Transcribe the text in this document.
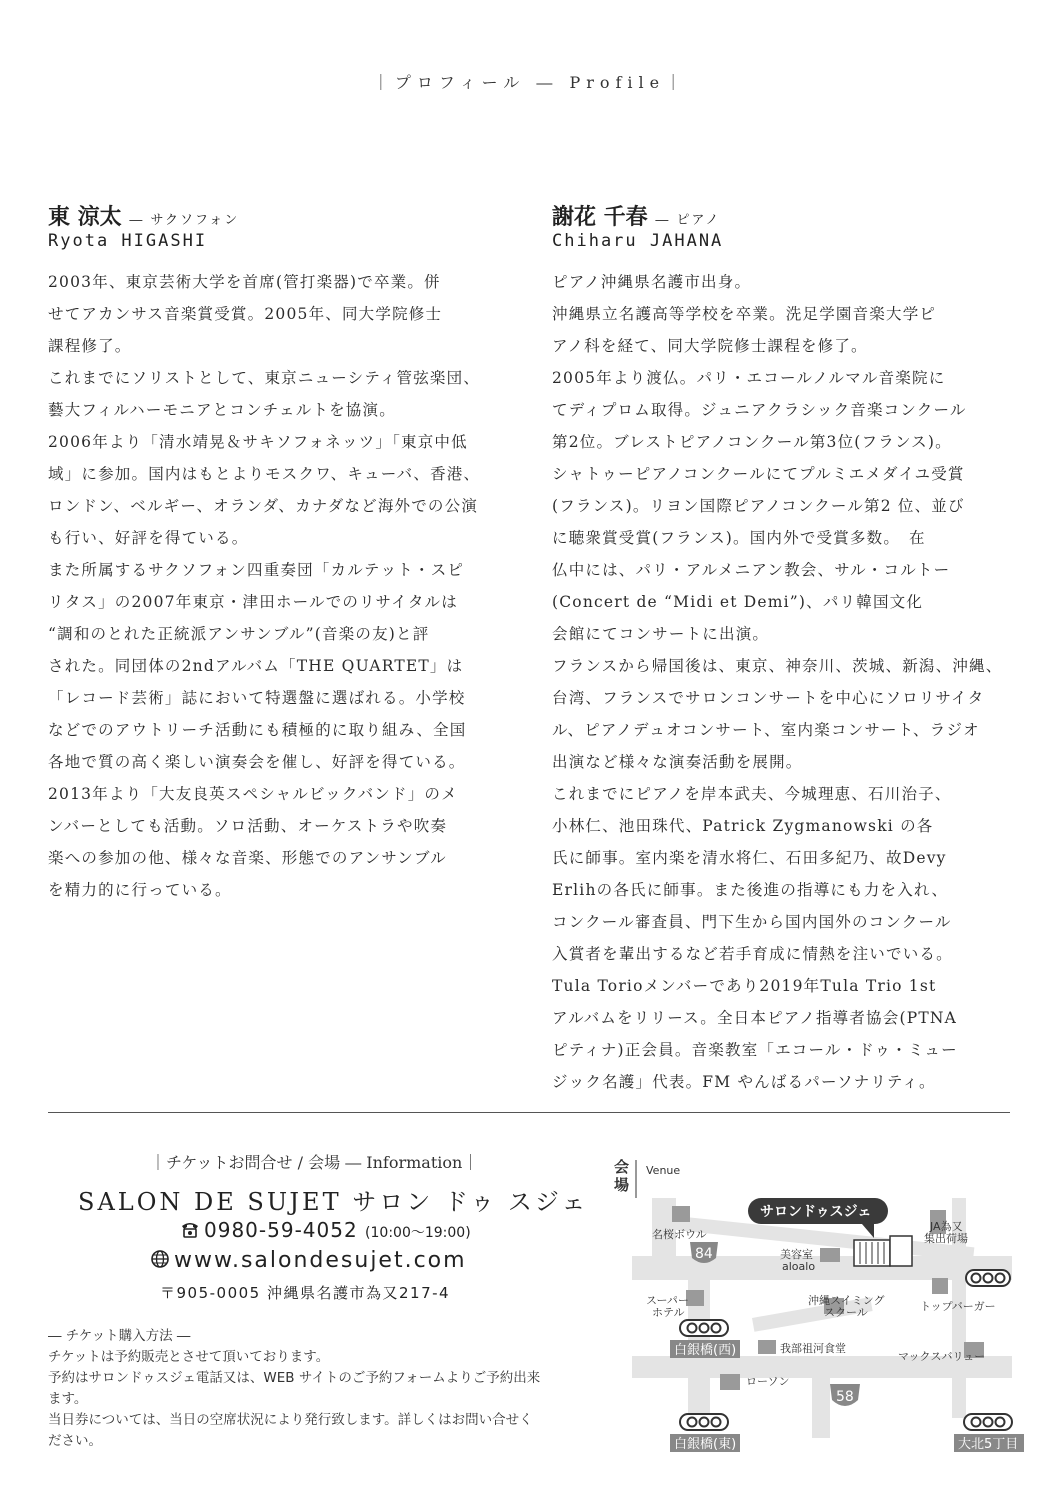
｜プロフィール ― Profile｜
東 涼太 ― サクソフォン
Ryota HIGASHI

2003年、東京芸術大学を首席(管打楽器)で卒業。併

せてアカンサス音楽賞受賞。2005年、同大学院修士

課程修了。

これまでにソリストとして、東京ニューシティ管弦楽団、

藝大フィルハーモニアとコンチェルトを協演。

2006年より「清水靖晃＆サキソフォネッツ」「東京中低

域」に参加。国内はもとよりモスクワ、キューバ、香港、

ロンドン、ベルギー、オランダ、カナダなど海外での公演

も行い、好評を得ている。

また所属するサクソフォン四重奏団「カルテット・スピ

リタス」の2007年東京・津田ホールでのリサイタルは

“調和のとれた正統派アンサンブル”(音楽の友)と評

された。同団体の2ndアルバム「THE QUARTET」は

「レコード芸術」誌において特選盤に選ばれる。小学校

などでのアウトリーチ活動にも積極的に取り組み、全国

各地で質の高く楽しい演奏会を催し、好評を得ている。

2013年より「大友良英スペシャルビックバンド」のメ

ンバーとしても活動。ソロ活動、オーケストラや吹奏

楽への参加の他、様々な音楽、形態でのアンサンブル

を精力的に行っている。

謝花 千春 ― ピアノ
Chiharu JAHANA

ピアノ沖縄県名護市出身。

沖縄県立名護高等学校を卒業。洗足学園音楽大学ピ

アノ科を経て、同大学院修士課程を修了。

2005年より渡仏。パリ・エコールノルマル音楽院に

てディプロム取得。ジュニアクラシック音楽コンクール

第2位。ブレストピアノコンクール第3位(フランス)。

シャトゥーピアノコンクールにてプルミエメダイユ受賞

(フランス)。リヨン国際ピアノコンクール第2 位、並び

に聴衆賞受賞(フランス)。国内外で受賞多数。　在

仏中には、パリ・アルメニアン教会、サル・コルトー

(Concert de “Midi et Demi”)、パリ韓国文化

会館にてコンサートに出演。

フランスから帰国後は、東京、神奈川、茨城、新潟、沖縄、

台湾、フランスでサロンコンサートを中心にソロリサイタ

ル、ピアノデュオコンサート、室内楽コンサート、ラジオ

出演など様々な演奏活動を展開。

これまでにピアノを岸本武夫、今城理恵、石川治子、

小林仁、池田珠代、Patrick Zygmanowski の各

氏に師事。室内楽を清水将仁、石田多紀乃、故Devy

Erlihの各氏に師事。また後進の指導にも力を入れ、

コンクール審査員、門下生から国内国外のコンクール

入賞者を輩出するなど若手育成に情熱を注いでいる。

Tula Torioメンバーであり2019年Tula Trio 1st

アルバムをリリース。全日本ピアノ指導者協会(PTNA

ピティナ)正会員。音楽教室「エコール・ドゥ・ミュー

ジック名護」代表。FM やんばるパーソナリティ。

｜チケットお問合せ / 会場 ― Information｜
SALON DE SUJET サロン ドゥ スジェ
0980-59-4052 (10:00〜19:00)
www.salondesujet.com
〒905-0005 沖縄県名護市為又217-4

― チケット購入方法 ―

チケットは予約販売とさせて頂いております。

予約はサロンドゥスジェ電話又は、WEB サイトのご予約フォームよりご予約出来

ます。

当日券については、当日の空席状況により発行致します。詳しくはお問い合せく

ださい。

会
場
Venue
サロンドゥスジェ
84
58
名桜ボウル
JA為又
集出荷場
美容室
aloalo
スーパー
ホテル
沖縄スイミング
スクール	トップバーガー
我部祖河食堂
マックスバリュー
ローソン
白銀橋(西)
白銀橋(東)	大北5丁目
